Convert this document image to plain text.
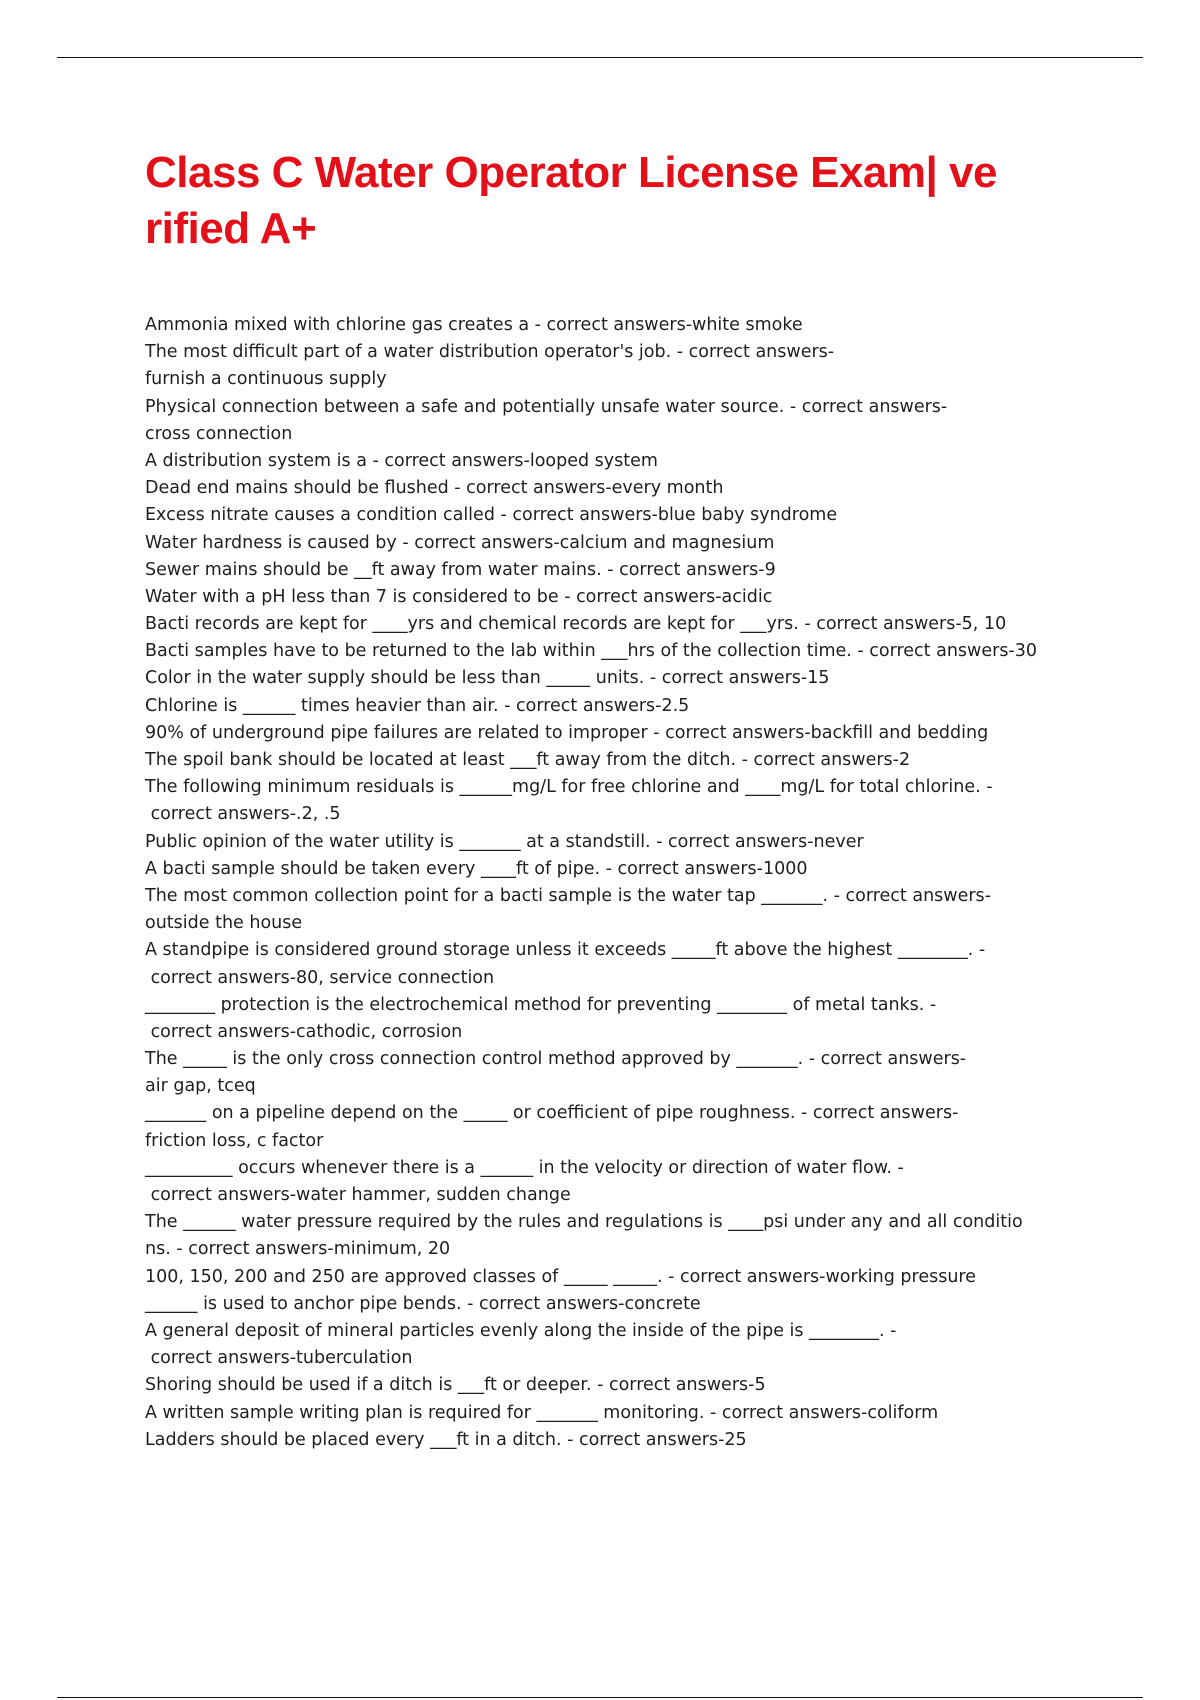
Class C Water Operator License Exam| ve
rified A+
Ammonia mixed with chlorine gas creates a - correct answers-white smoke
The most difficult part of a water distribution operator's job. - correct answers-
furnish a continuous supply
Physical connection between a safe and potentially unsafe water source. - correct answers-
cross connection
A distribution system is a - correct answers-looped system
Dead end mains should be flushed - correct answers-every month
Excess nitrate causes a condition called - correct answers-blue baby syndrome
Water hardness is caused by - correct answers-calcium and magnesium
Sewer mains should be __ft away from water mains. - correct answers-9
Water with a pH less than 7 is considered to be - correct answers-acidic
Bacti records are kept for ____yrs and chemical records are kept for ___yrs. - correct answers-5, 10
Bacti samples have to be returned to the lab within ___hrs of the collection time. - correct answers-30
Color in the water supply should be less than _____ units. - correct answers-15
Chlorine is ______ times heavier than air. - correct answers-2.5
90% of underground pipe failures are related to improper - correct answers-backfill and bedding
The spoil bank should be located at least ___ft away from the ditch. - correct answers-2
The following minimum residuals is ______mg/L for free chlorine and ____mg/L for total chlorine. -
correct answers-.2, .5
Public opinion of the water utility is _______ at a standstill. - correct answers-never
A bacti sample should be taken every ____ft of pipe. - correct answers-1000
The most common collection point for a bacti sample is the water tap _______. - correct answers-
outside the house
A standpipe is considered ground storage unless it exceeds _____ft above the highest ________. -
correct answers-80, service connection
________ protection is the electrochemical method for preventing ________ of metal tanks. -
correct answers-cathodic, corrosion
The _____ is the only cross connection control method approved by _______. - correct answers-
air gap, tceq
_______ on a pipeline depend on the _____ or coefficient of pipe roughness. - correct answers-
friction loss, c factor
__________ occurs whenever there is a ______ in the velocity or direction of water flow. -
correct answers-water hammer, sudden change
The ______ water pressure required by the rules and regulations is ____psi under any and all conditio
ns. - correct answers-minimum, 20
100, 150, 200 and 250 are approved classes of _____ _____. - correct answers-working pressure
______ is used to anchor pipe bends. - correct answers-concrete
A general deposit of mineral particles evenly along the inside of the pipe is ________. -
correct answers-tuberculation
Shoring should be used if a ditch is ___ft or deeper. - correct answers-5
A written sample writing plan is required for _______ monitoring. - correct answers-coliform
Ladders should be placed every ___ft in a ditch. - correct answers-25
